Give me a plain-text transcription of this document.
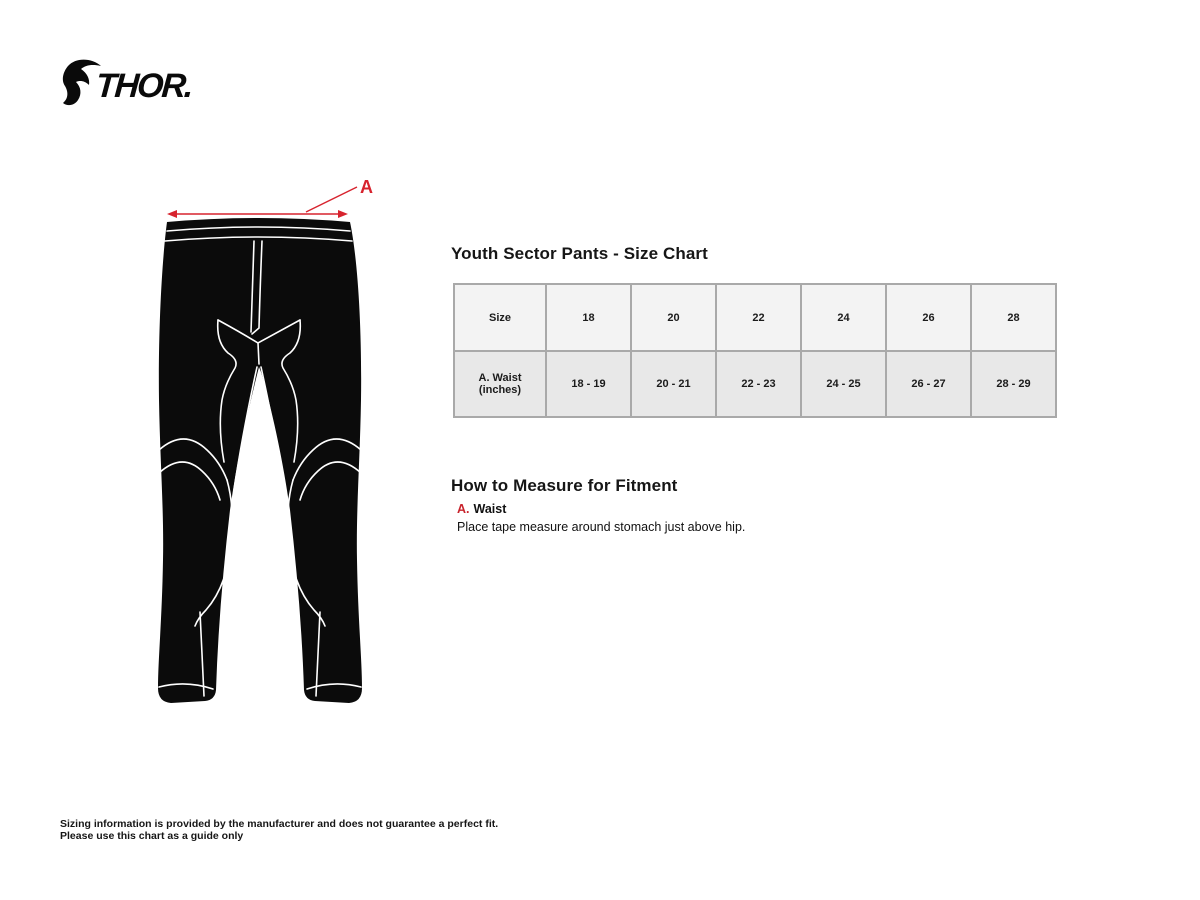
THOR.
A
Youth Sector Pants - Size Chart
Size	18	20	22	24	26	28
A. Waist (inches)	18 - 19	20 - 21	22 - 23	24 - 25	26 - 27	28 - 29
How to Measure for Fitment
A. Waist
Place tape measure around stomach just above hip.
Sizing information is provided by the manufacturer and does not guarantee a perfect fit.
Please use this chart as a guide only
